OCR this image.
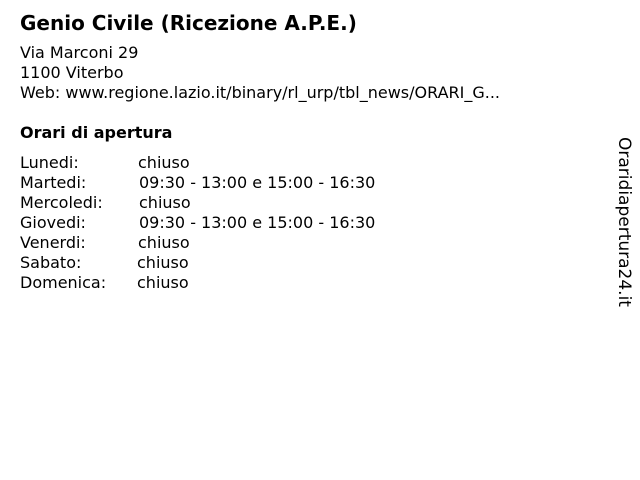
Genio Civile (Ricezione A.P.E.)
Via Marconi 29
1100 Viterbo
Web: www.regione.lazio.it/binary/rl_urp/tbl_news/ORARI_G...
Orari di apertura
Lunedi:	chiuso
Martedi:	09:30 - 13:00 e 15:00 - 16:30
Mercoledi: chiuso
Giovedi:	09:30 - 13:00 e 15:00 - 16:30
Venerdi:	chiuso
Sabato:	chiuso
Domenica: chiuso	Oraridiapertura24.it
